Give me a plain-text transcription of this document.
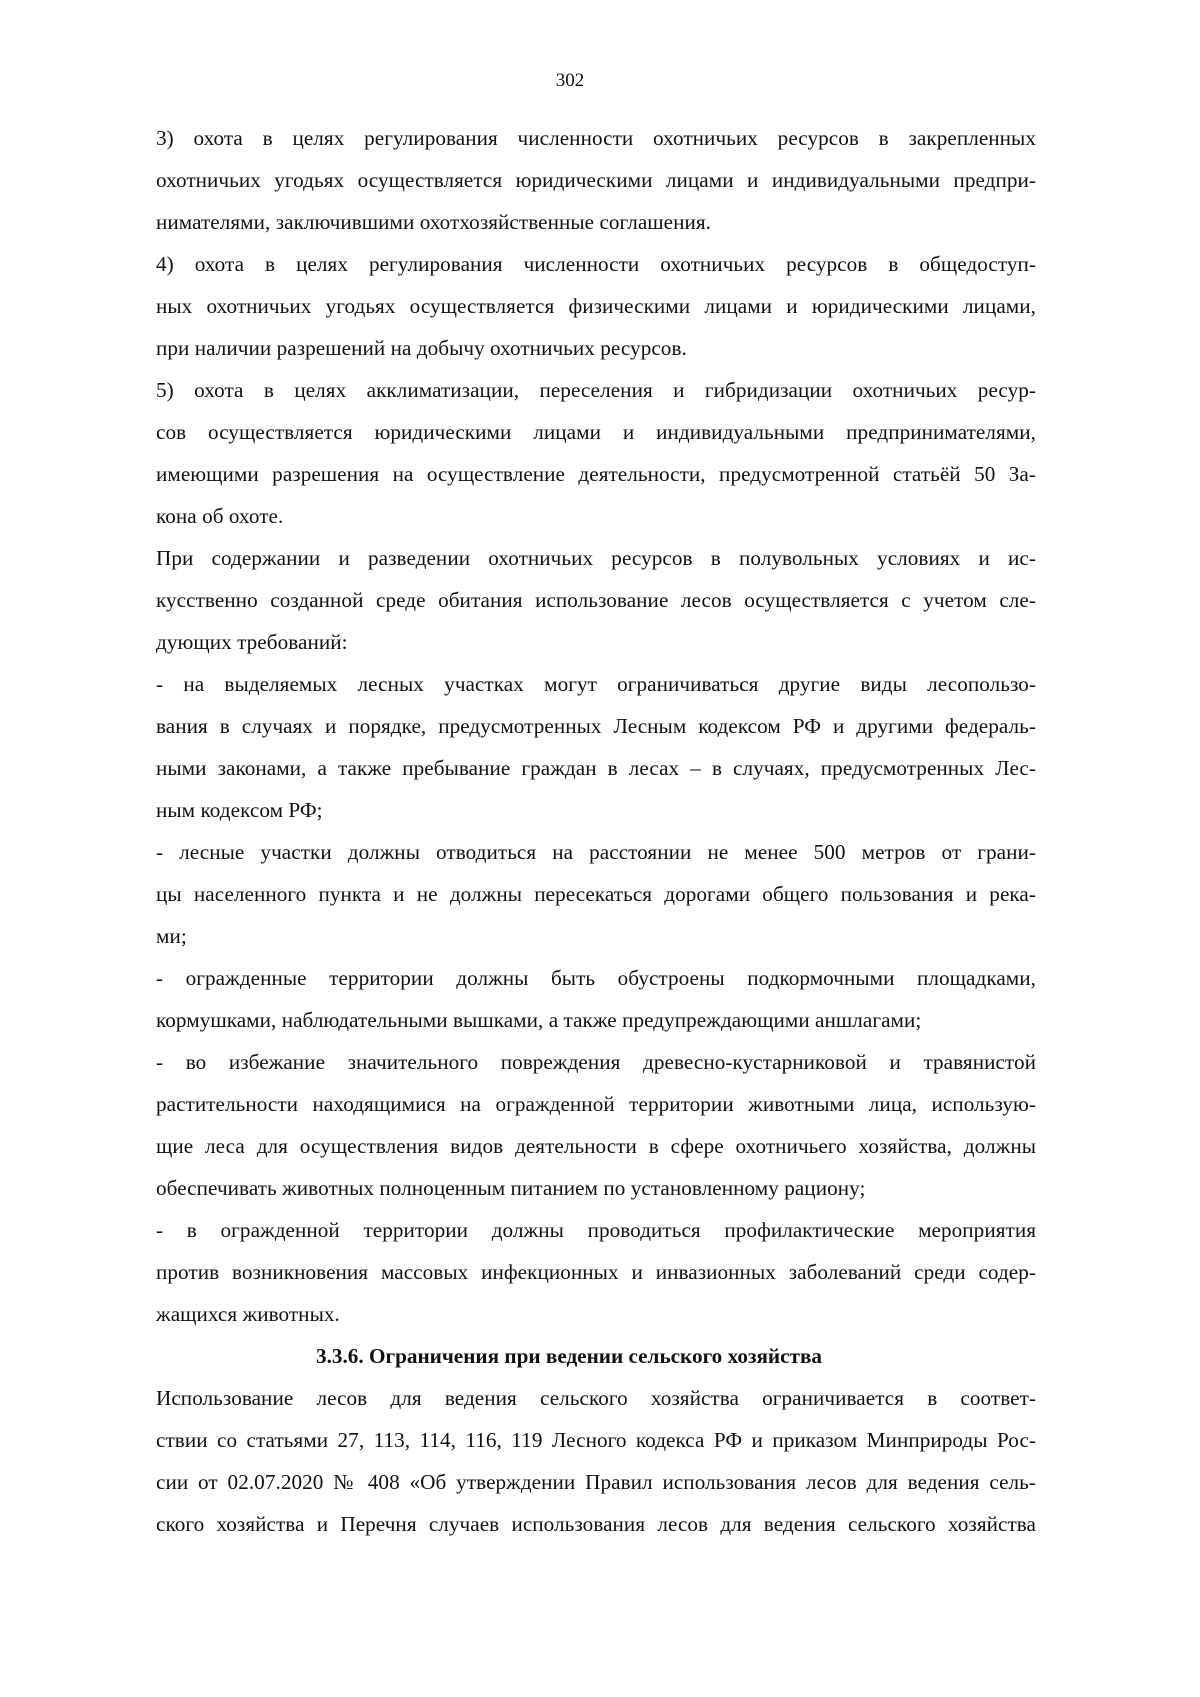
302

3) охота в целях регулирования численности охотничьих ресурсов в закрепленных
охотничьих угодьях осуществляется юридическими лицами и индивидуальными предпри-
нимателями, заключившими охотхозяйственные соглашения.

4) охота в целях регулирования численности охотничьих ресурсов в общедоступ-
ных охотничьих угодьях осуществляется физическими лицами и юридическими лицами,
при наличии разрешений на добычу охотничьих ресурсов.

5) охота в целях акклиматизации, переселения и гибридизации охотничьих ресур-
сов осуществляется юридическими лицами и индивидуальными предпринимателями,
имеющими разрешения на осуществление деятельности, предусмотренной статьёй 50 За-
кона об охоте.

При содержании и разведении охотничьих ресурсов в полувольных условиях и ис-
кусственно созданной среде обитания использование лесов осуществляется с учетом сле-
дующих требований:

- на выделяемых лесных участках могут ограничиваться другие виды лесопользо-
вания в случаях и порядке, предусмотренных Лесным кодексом РФ и другими федераль-
ными законами, а также пребывание граждан в лесах – в случаях, предусмотренных Лес-
ным кодексом РФ;

- лесные участки должны отводиться на расстоянии не менее 500 метров от грани-
цы населенного пункта и не должны пересекаться дорогами общего пользования и река-
ми;

- огражденные территории должны быть обустроены подкормочными площадками,
кормушками, наблюдательными вышками, а также предупреждающими аншлагами;

- во избежание значительного повреждения древесно-кустарниковой и травянистой
растительности находящимися на огражденной территории животными лица, использую-
щие леса для осуществления видов деятельности в сфере охотничьего хозяйства, должны
обеспечивать животных полноценным питанием по установленному рациону;

- в огражденной территории должны проводиться профилактические мероприятия
против возникновения массовых инфекционных и инвазионных заболеваний среди содер-
жащихся животных.

3.3.6. Ограничения при ведении сельского хозяйства

Использование лесов для ведения сельского хозяйства ограничивается в соответ-
ствии со статьями 27, 113, 114, 116, 119 Лесного кодекса РФ и приказом Минприроды Рос-
сии от 02.07.2020 № 408 «Об утверждении Правил использования лесов для ведения сель-
ского хозяйства и Перечня случаев использования лесов для ведения сельского хозяйства
